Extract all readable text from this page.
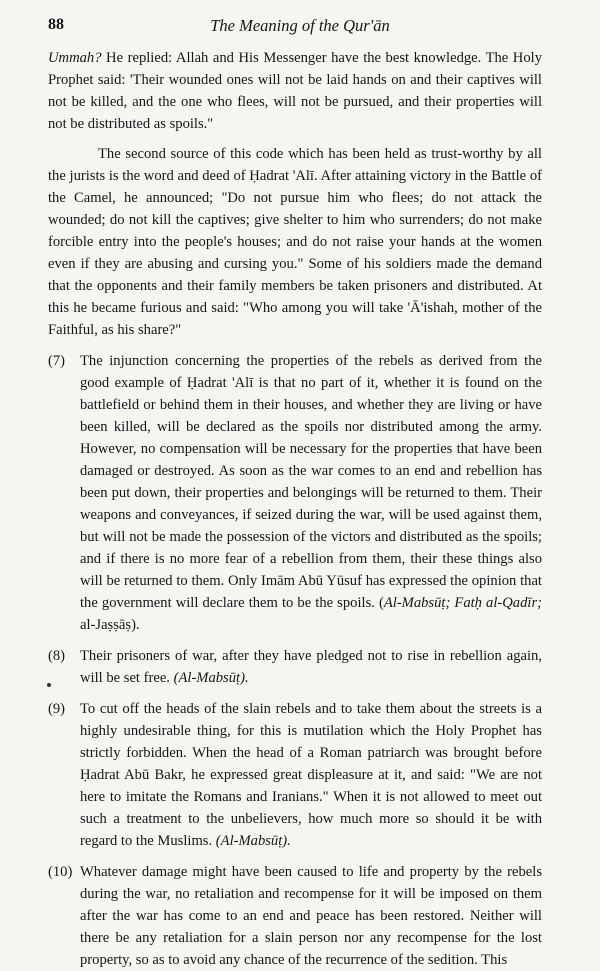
88	The Meaning of the Qur'ān

Ummah? He replied: Allah and His Messenger have the best knowledge. The Holy Prophet said: 'Their wounded ones will not be laid hands on and their captives will not be killed, and the one who flees, will not be pursued, and their properties will not be distributed as spoils."

The second source of this code which has been held as trust-worthy by all the jurists is the word and deed of Ḥadrat 'Alī. After attaining victory in the Battle of the Camel, he announced; "Do not pursue him who flees; do not attack the wounded; do not kill the captives; give shelter to him who surrenders; do not make forcible entry into the people's houses; and do not raise your hands at the women even if they are abusing and cursing you." Some of his soldiers made the demand that the opponents and their family members be taken prisoners and distributed. At this he became furious and said: "Who among you will take 'Ā'ishah, mother of the Faithful, as his share?"

(7) The injunction concerning the properties of the rebels as derived from the good example of Ḥadrat 'Alī is that no part of it, whether it is found on the battlefield or behind them in their houses, and whether they are living or have been killed, will be declared as the spoils nor distributed among the army. However, no compensation will be necessary for the properties that have been damaged or destroyed. As soon as the war comes to an end and rebellion has been put down, their properties and belongings will be returned to them. Their weapons and conveyances, if seized during the war, will be used against them, but will not be made the possession of the victors and distributed as the spoils; and if there is no more fear of a rebellion from them, their these things also will be returned to them. Only Imām Abū Yūsuf has expressed the opinion that the government will declare them to be the spoils. (Al-Mabsūṭ; Fatḥ al-Qadīr; al-Jaṣṣāṣ).

(8) Their prisoners of war, after they have pledged not to rise in rebellion again, will be set free. (Al-Mabsūṭ).

(9) To cut off the heads of the slain rebels and to take them about the streets is a highly undesirable thing, for this is mutilation which the Holy Prophet has strictly forbidden. When the head of a Roman patriarch was brought before Ḥadrat Abū Bakr, he expressed great displeasure at it, and said: "We are not here to imitate the Romans and Iranians." When it is not allowed to meet out such a treatment to the unbelievers, how much more so should it be with regard to the Muslims. (Al-Mabsūṭ).

(10) Whatever damage might have been caused to life and property by the rebels during the war, no retaliation and recompense for it will be imposed on them after the war has come to an end and peace has been restored. Neither will there be any retaliation for a slain person nor any recompense for the lost property, so as to avoid any chance of the recurrence of the sedition. This
